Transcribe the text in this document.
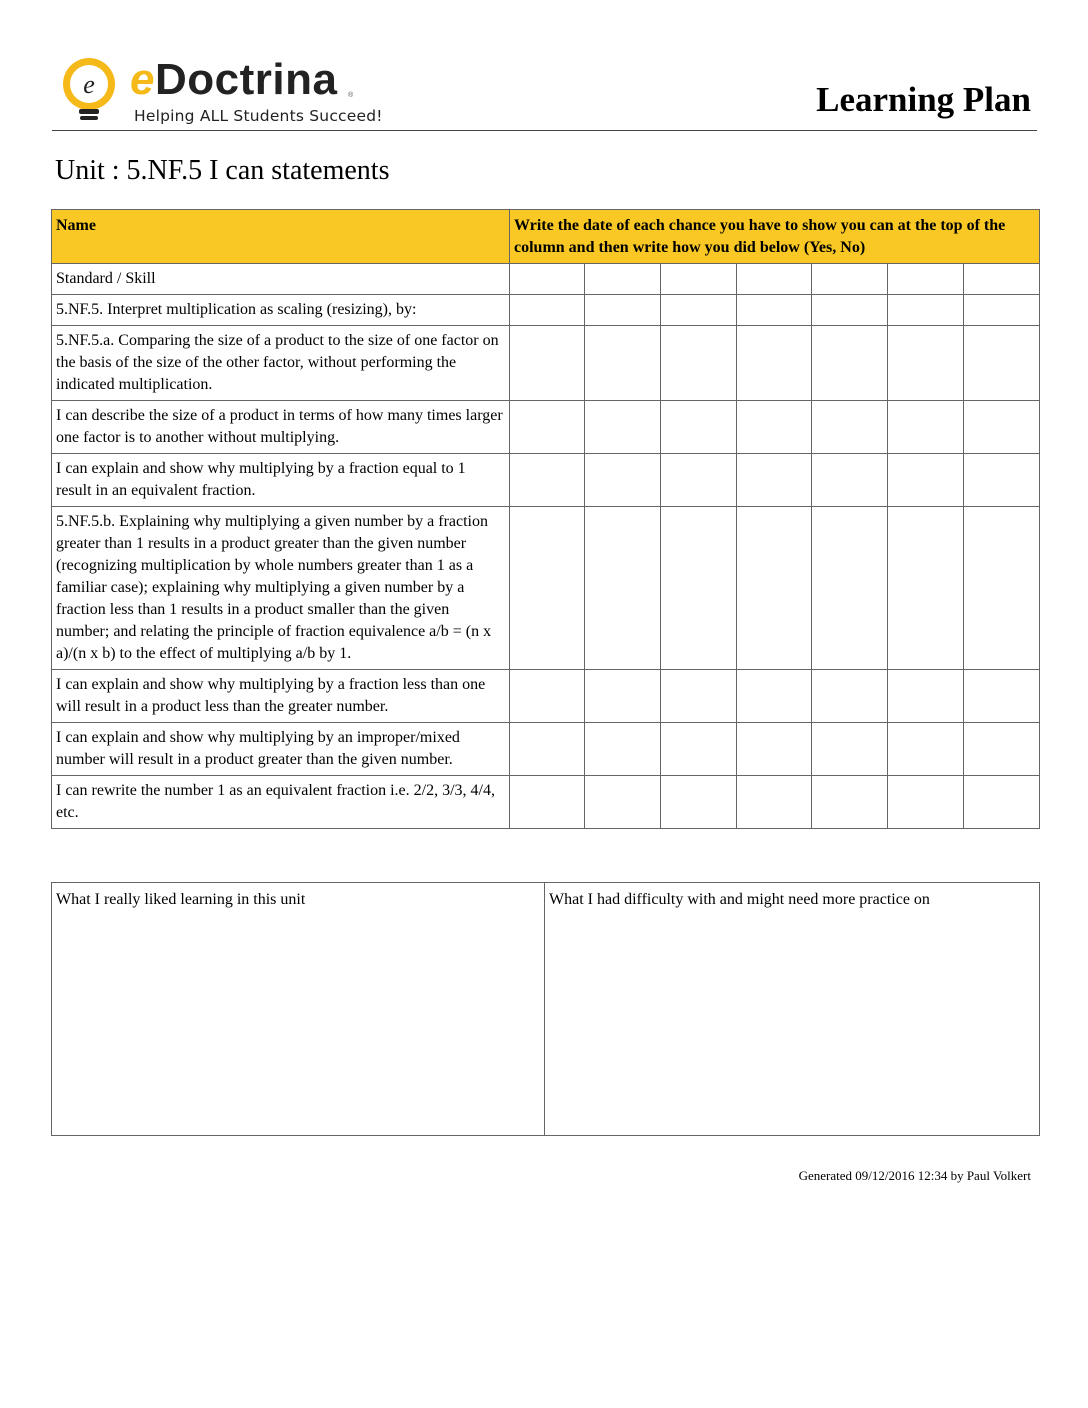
e eDoctrina ®
Helping ALL Students Succeed!	Learning Plan
Unit : 5.NF.5 I can statements
Name	Write the date of each chance you have to show you can at the top of the column and then write how you did below (Yes, No)						
Standard / Skill							
5.NF.5. Interpret multiplication as scaling (resizing), by:							
5.NF.5.a. Comparing the size of a product to the size of one factor on the basis of the size of the other factor, without performing the indicated multiplication.							
I can describe the size of a product in terms of how many times larger one factor is to another without multiplying.							
I can explain and show why multiplying by a fraction equal to 1 result in an equivalent fraction.							
5.NF.5.b. Explaining why multiplying a given number by a fraction greater than 1 results in a product greater than the given number (recognizing multiplication by whole numbers greater than 1 as a familiar case); explaining why multiplying a given number by a fraction less than 1 results in a product smaller than the given number; and relating the principle of fraction equivalence a/b = (n x a)/(n x b) to the effect of multiplying a/b by 1.							
I can explain and show why multiplying by a fraction less than one will result in a product less than the greater number.							
I can explain and show why multiplying by an improper/mixed number will result in a product greater than the given number.							
I can rewrite the number 1 as an equivalent fraction i.e. 2/2, 3/3, 4/4, etc.							
What I really liked learning in this unit	What I had difficulty with and might need more practice on
Generated 09/12/2016 12:34 by Paul Volkert
